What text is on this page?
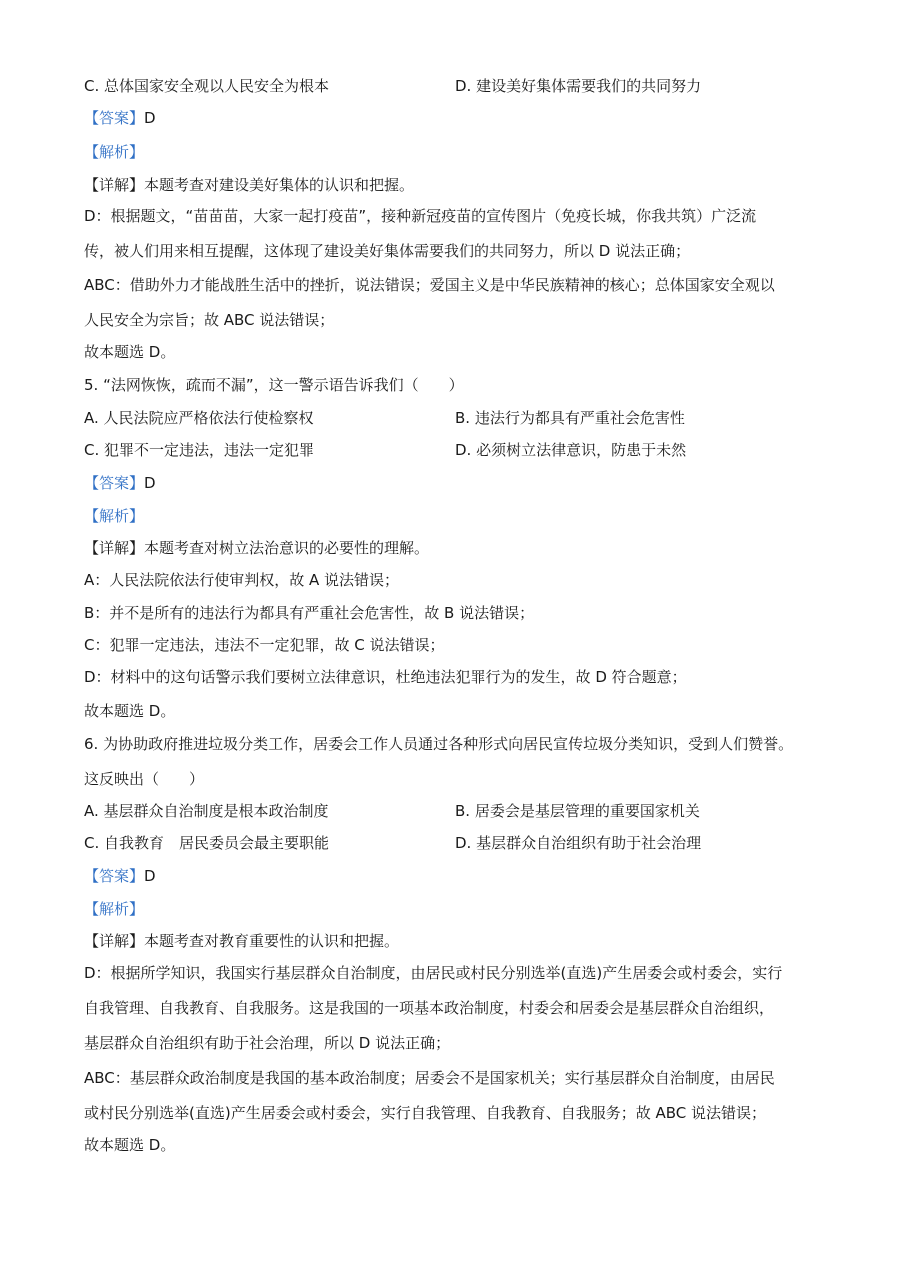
C. 总体国家安全观以人民安全为根本	D. 建设美好集体需要我们的共同努力
【答案】D
【解析】
【详解】本题考查对建设美好集体的认识和把握。
D：根据题文，“苗苗苗，大家一起打疫苗”，接种新冠疫苗的宣传图片（免疫长城，你我共筑）广泛流
传，被人们用来相互提醒，这体现了建设美好集体需要我们的共同努力，所以 D 说法正确；
ABC：借助外力才能战胜生活中的挫折，说法错误；爱国主义是中华民族精神的核心；总体国家安全观以
人民安全为宗旨；故 ABC 说法错误；
故本题选 D。
5. “法网恢恢，疏而不漏”，这一警示语告诉我们（　　）
A. 人民法院应严格依法行使检察权	B. 违法行为都具有严重社会危害性
C. 犯罪不一定违法，违法一定犯罪	D. 必须树立法律意识，防患于未然
【答案】D
【解析】
【详解】本题考查对树立法治意识的必要性的理解。
A：人民法院依法行使审判权，故 A 说法错误；
B：并不是所有的违法行为都具有严重社会危害性，故 B 说法错误；
C：犯罪一定违法，违法不一定犯罪，故 C 说法错误；
D：材料中的这句话警示我们要树立法律意识，杜绝违法犯罪行为的发生，故 D 符合题意；
故本题选 D。
6. 为协助政府推进垃圾分类工作，居委会工作人员通过各种形式向居民宣传垃圾分类知识，受到人们赞誉。
这反映出（　　）
A. 基层群众自治制度是根本政治制度	B. 居委会是基层管理的重要国家机关
C. 自我教育　居民委员会最主要职能	D. 基层群众自治组织有助于社会治理
【答案】D
【解析】
【详解】本题考查对教育重要性的认识和把握。
D：根据所学知识，我国实行基层群众自治制度，由居民或村民分别选举(直选)产生居委会或村委会，实行
自我管理、自我教育、自我服务。这是我国的一项基本政治制度，村委会和居委会是基层群众自治组织，
基层群众自治组织有助于社会治理，所以 D 说法正确；
ABC：基层群众政治制度是我国的基本政治制度；居委会不是国家机关；实行基层群众自治制度，由居民
或村民分别选举(直选)产生居委会或村委会，实行自我管理、自我教育、自我服务；故 ABC 说法错误；
故本题选 D。
